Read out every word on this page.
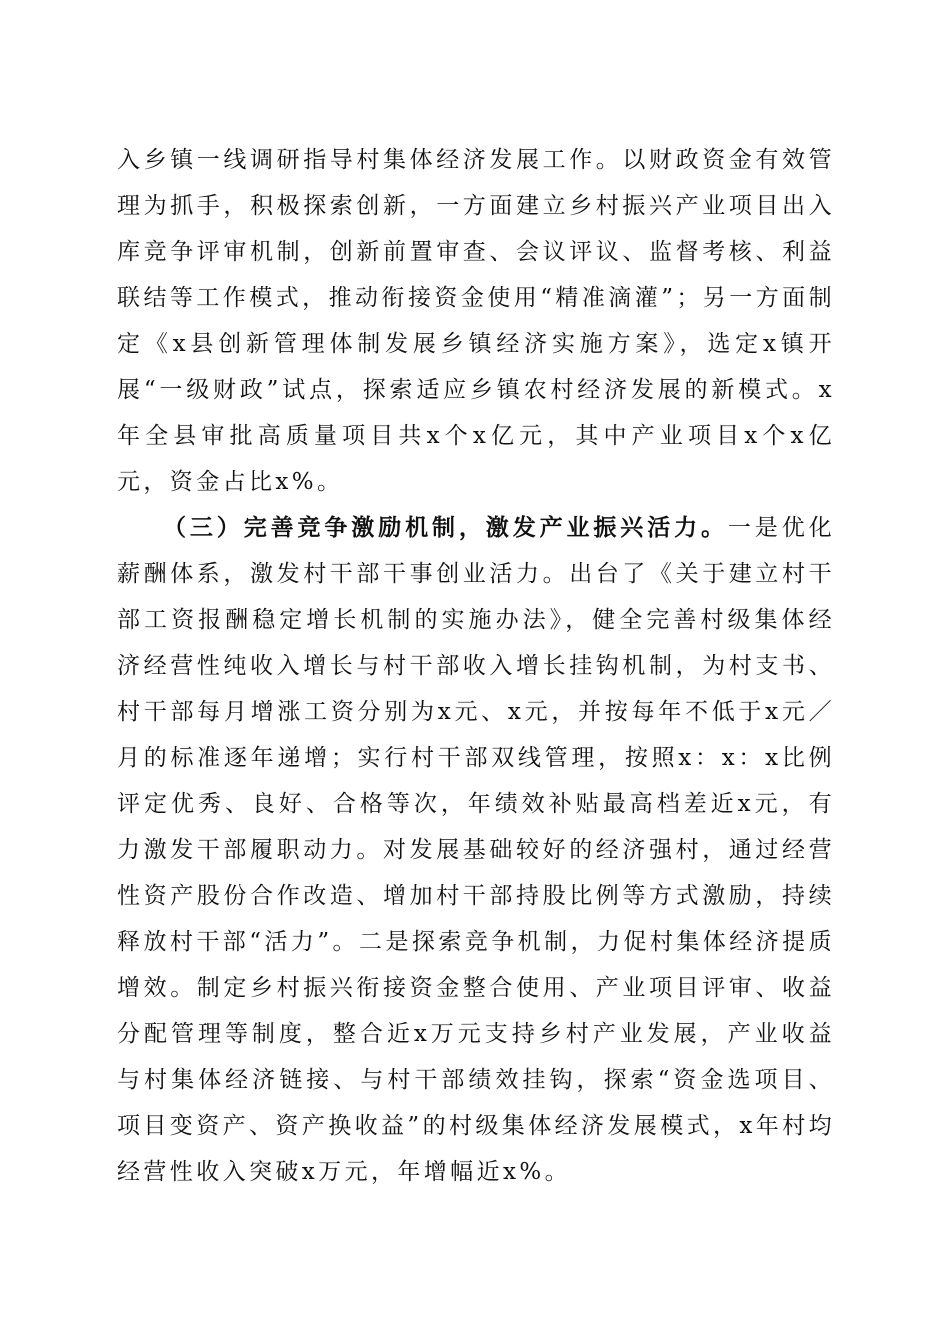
入乡镇一线调研指导村集体经济发展工作。以财政资金有效管理为抓手，积极探索创新，一方面建立乡村振兴产业项目出入库竞争评审机制，创新前置审查、会议评议、监督考核、利益联结等工作模式，推动衔接资金使用“精准滴灌”；另一方面制定《x县创新管理体制发展乡镇经济实施方案》，选定x镇开展“一级财政”试点，探索适应乡镇农村经济发展的新模式。x年全县审批高质量项目共x个x亿元，其中产业项目x个x亿元，资金占比x%。

（三）完善竞争激励机制，激发产业振兴活力。一是优化薪酬体系，激发村干部干事创业活力。出台了《关于建立村干部工资报酬稳定增长机制的实施办法》，健全完善村级集体经济经营性纯收入增长与村干部收入增长挂钩机制，为村支书、村干部每月增涨工资分别为x元、x元，并按每年不低于x元／月的标准逐年递增；实行村干部双线管理，按照x：x：x比例评定优秀、良好、合格等次，年绩效补贴最高档差近x元，有力激发干部履职动力。对发展基础较好的经济强村，通过经营性资产股份合作改造、增加村干部持股比例等方式激励，持续释放村干部“活力”。二是探索竞争机制，力促村集体经济提质增效。制定乡村振兴衔接资金整合使用、产业项目评审、收益分配管理等制度，整合近x万元支持乡村产业发展，产业收益与村集体经济链接、与村干部绩效挂钩，探索“资金选项目、项目变资产、资产换收益”的村级集体经济发展模式，x年村均经营性收入突破x万元，年增幅近x%。
